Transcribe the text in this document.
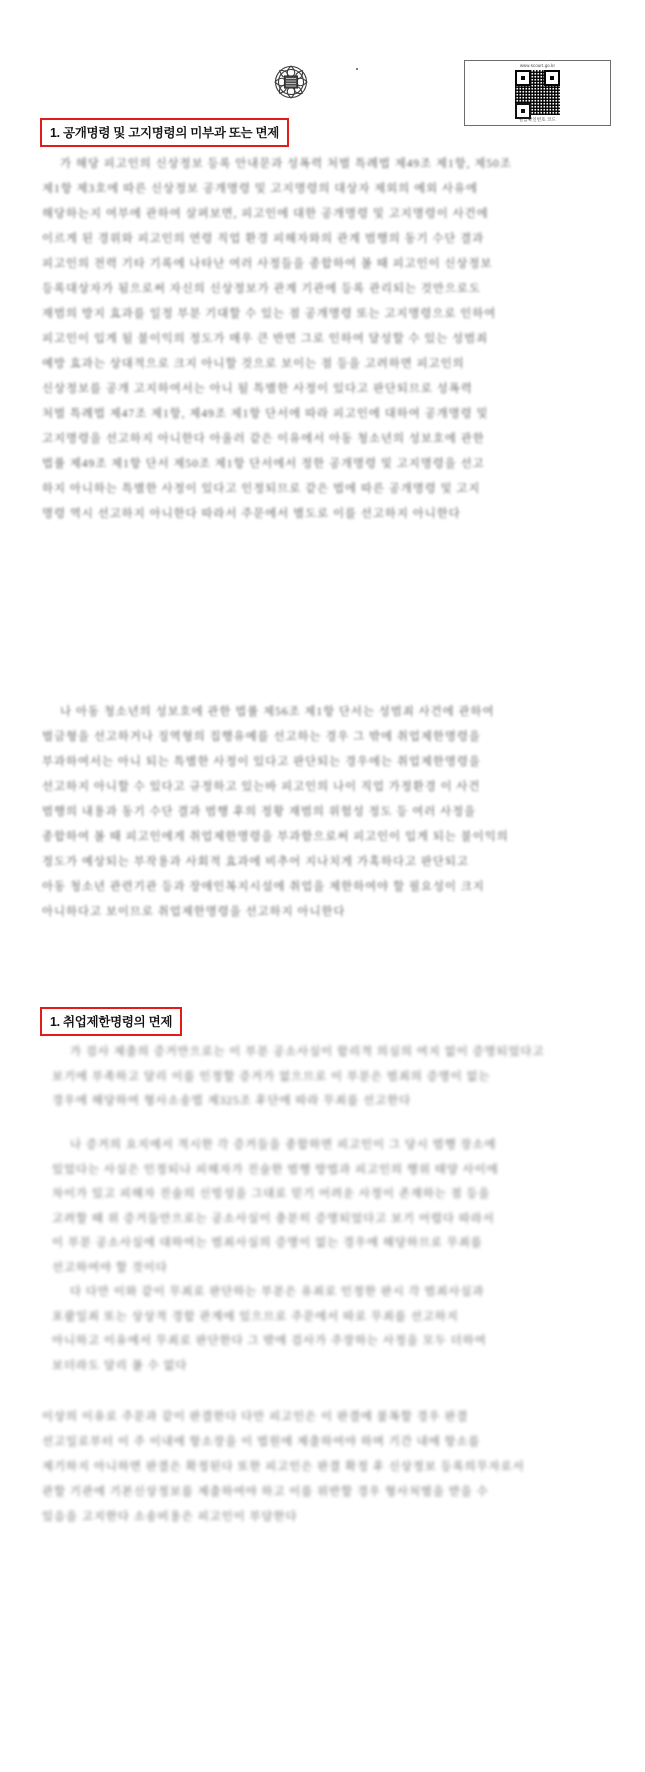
www.scourt.go.kr
발급확인번호 코드
1. 공개명령 및 고지명령의 미부과 또는 면제
가 해당 피고인의 신상정보 등록 안내문과 성폭력 처벌 특례법 제49조 제1항, 제50조
제1항 제3호에 따른 신상정보 공개명령 및 고지명령의 대상자 제외의 예외 사유에
해당하는지 여부에 관하여 살펴보면, 피고인에 대한 공개명령 및 고지명령이 사건에
이르게 된 경위와 피고인의 연령 직업 환경 피해자와의 관계 범행의 동기 수단 결과
피고인의 전력 기타 기록에 나타난 여러 사정들을 종합하여 볼 때 피고인이 신상정보
등록대상자가 됨으로써 자신의 신상정보가 관계 기관에 등록 관리되는 것만으로도
재범의 방지 효과를 일정 부분 기대할 수 있는 점 공개명령 또는 고지명령으로 인하여
피고인이 입게 될 불이익의 정도가 매우 큰 반면 그로 인하여 달성할 수 있는 성범죄
예방 효과는 상대적으로 크지 아니할 것으로 보이는 점 등을 고려하면 피고인의
신상정보를 공개 고지하여서는 아니 될 특별한 사정이 있다고 판단되므로 성폭력
처벌 특례법 제47조 제1항, 제49조 제1항 단서에 따라 피고인에 대하여 공개명령 및
고지명령을 선고하지 아니한다 아울러 같은 이유에서 아동 청소년의 성보호에 관한
법률 제49조 제1항 단서 제50조 제1항 단서에서 정한 공개명령 및 고지명령을 선고
하지 아니하는 특별한 사정이 있다고 인정되므로 같은 법에 따른 공개명령 및 고지
명령 역시 선고하지 아니한다 따라서 주문에서 별도로 이를 선고하지 아니한다
나 아동 청소년의 성보호에 관한 법률 제56조 제1항 단서는 성범죄 사건에 관하여
벌금형을 선고하거나 징역형의 집행유예를 선고하는 경우 그 밖에 취업제한명령을
부과하여서는 아니 되는 특별한 사정이 있다고 판단되는 경우에는 취업제한명령을
선고하지 아니할 수 있다고 규정하고 있는바 피고인의 나이 직업 가정환경 이 사건
범행의 내용과 동기 수단 결과 범행 후의 정황 재범의 위험성 정도 등 여러 사정을
종합하여 볼 때 피고인에게 취업제한명령을 부과함으로써 피고인이 입게 되는 불이익의
정도가 예상되는 부작용과 사회적 효과에 비추어 지나치게 가혹하다고 판단되고
아동 청소년 관련기관 등과 장애인복지시설에 취업을 제한하여야 할 필요성이 크지
아니하다고 보이므로 취업제한명령을 선고하지 아니한다
1. 취업제한명령의 면제
가 검사 제출의 증거만으로는 이 부분 공소사실이 합리적 의심의 여지 없이 증명되었다고
보기에 부족하고 달리 이를 인정할 증거가 없으므로 이 부분은 범죄의 증명이 없는
경우에 해당하여 형사소송법 제325조 후단에 따라 무죄를 선고한다
나 증거의 요지에서 적시한 각 증거들을 종합하면 피고인이 그 당시 범행 장소에
있었다는 사실은 인정되나 피해자가 진술한 범행 방법과 피고인의 행위 태양 사이에
차이가 있고 피해자 진술의 신빙성을 그대로 믿기 어려운 사정이 존재하는 점 등을
고려할 때 위 증거들만으로는 공소사실이 충분히 증명되었다고 보기 어렵다 따라서
이 부분 공소사실에 대하여는 범죄사실의 증명이 없는 경우에 해당하므로 무죄를
선고하여야 할 것이다
다 다만 이와 같이 무죄로 판단하는 부분은 유죄로 인정한 판시 각 범죄사실과
포괄일죄 또는 상상적 경합 관계에 있으므로 주문에서 따로 무죄를 선고하지
아니하고 이유에서 무죄로 판단한다 그 밖에 검사가 주장하는 사정을 모두 더하여
보더라도 달리 볼 수 없다
이상의 이유로 주문과 같이 판결한다 다만 피고인은 이 판결에 불복할 경우 판결
선고일로부터 이 주 이내에 항소장을 이 법원에 제출하여야 하며 기간 내에 항소를
제기하지 아니하면 판결은 확정된다 또한 피고인은 판결 확정 후 신상정보 등록의무자로서
관할 기관에 기본신상정보를 제출하여야 하고 이를 위반할 경우 형사처벌을 받을 수
있음을 고지한다 소송비용은 피고인이 부담한다
